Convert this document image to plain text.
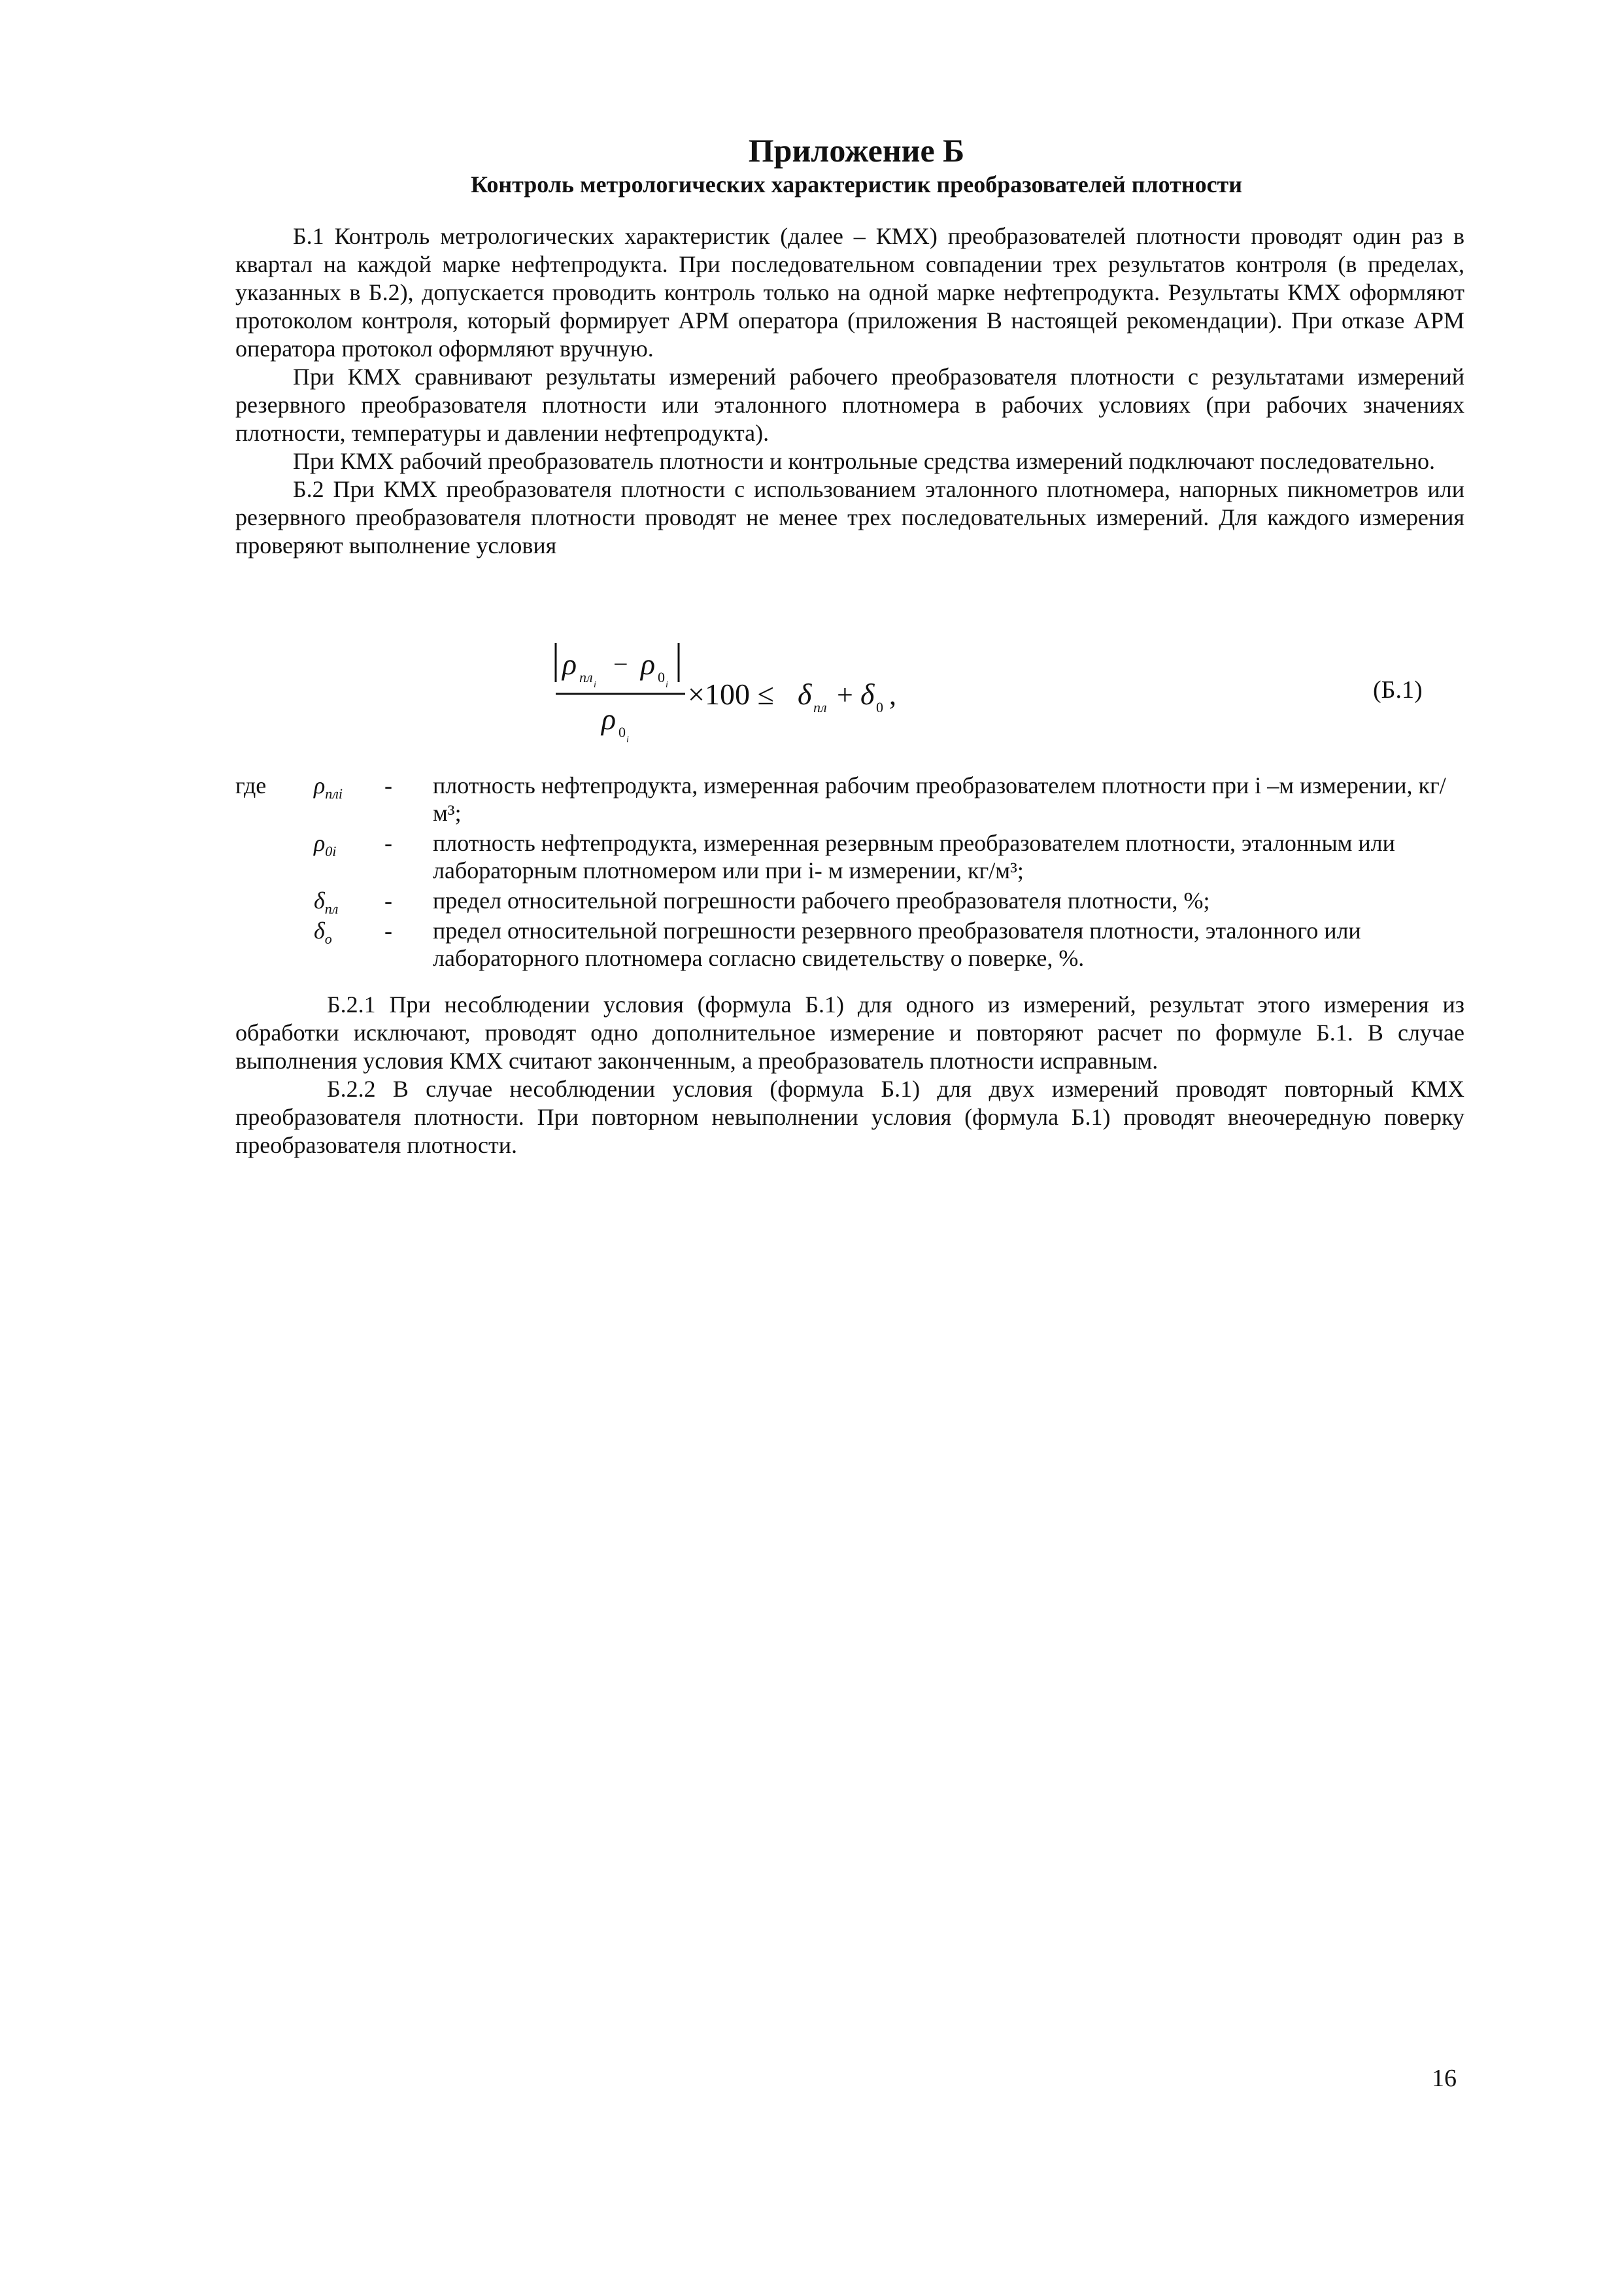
Приложение Б
Контроль метрологических характеристик преобразователей плотности

Б.1 Контроль метрологических характеристик (далее – КМХ) преобразователей плотности проводят один раз в квартал на каждой марке нефтепродукта. При последовательном совпадении трех результатов контроля (в пределах, указанных в Б.2), допускается проводить контроль только на одной марке нефтепродукта. Результаты КМХ оформляют протоколом контроля, который формирует АРМ оператора (приложения В настоящей рекомендации). При отказе АРМ оператора протокол оформляют вручную.

При КМХ сравнивают результаты измерений рабочего преобразователя плотности с результатами измерений резервного преобразователя плотности или эталонного плотномера в рабочих условиях (при рабочих значениях плотности, температуры и давлении нефтепродукта).

При КМХ рабочий преобразователь плотности и контрольные средства измерений подключают последовательно.

Б.2 При КМХ преобразователя плотности с использованием эталонного плотномера, напорных пикнометров или резервного преобразователя плотности проводят не менее трех последовательных измерений. Для каждого измерения проверяют выполнение условия

ρ пл i
− ρ 0 i
ρ 0 i
×100 ≤ δ пл + δ 0 ,	(Б.1)
где $\rho_{плi}$	- плотность нефтепродукта, измеренная рабочим преобразователем плотности при i –м измерении, кг/м³;
$\rho_{0i}$	- плотность нефтепродукта, измеренная резервным преобразователем плотности, эталонным или лабораторным плотномером или при i- м измерении, кг/м³;
$\delta_{пл}$	- предел относительной погрешности рабочего преобразователя плотности, %;
$\delta_о$	- предел относительной погрешности резервного преобразователя плотности, эталонного или лабораторного плотномера согласно свидетельству о поверке, %.

Б.2.1 При несоблюдении условия (формула Б.1) для одного из измерений, результат этого измерения из обработки исключают, проводят одно дополнительное измерение и повторяют расчет по формуле Б.1. В случае выполнения условия КМХ считают законченным, а преобразователь плотности исправным.

Б.2.2 В случае несоблюдении условия (формула Б.1) для двух измерений проводят повторный КМХ преобразователя плотности. При повторном невыполнении условия (формула Б.1) проводят внеочередную поверку преобразователя плотности.

16
